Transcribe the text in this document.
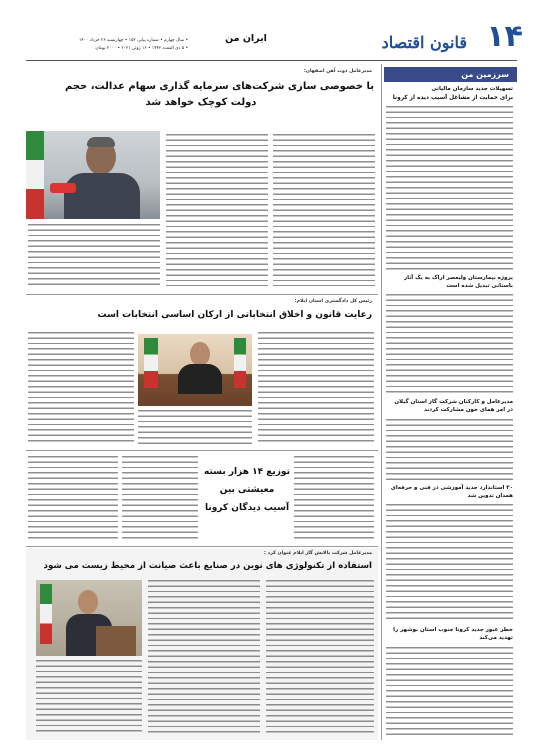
۱۴
قانون اقتصاد
ایران من
• سال چهارم • شماره پیاپی ۱۵۲ • چهارشنبه ۲۶ خرداد ۱۴۰۰
• ۵ ذی القعده ۱۴۴۲ • ۱۶ ژوئن ۲۰۲۱ • ۲۰۰۰ تومان
سرزمین من
تسهیلات جدید سازمان مالیاتی
برای حمایت از مشاغل آسیب دیده از کرونا
پروژه بیمارستان ولیعصر اراک به یک آثار باستانی تبدیل شده است
مدیرعامل و کارکنان شرکت گاز استان گیلان در امر همای خون مشارکت کردند
۳۰ استاندارد جدید آموزشی در فنی و حرفه‌ای همدان تدوین شد
خطر عبور جدید کرونا جنوب استان بوشهر را تهدید می‌کند
مدیرعامل ذوب آهن اصفهان:
با خصوصی سازی شرکت‌های سرمایه گذاری سهام عدالت، حجم
دولت کوچک خواهد شد
رئیس کل دادگستری استان ایلام:
رعایت قانون و اخلاق انتخاباتی از ارکان اساسی انتخابات است
توزیع ۱۴ هزار بسته
معیشتی بین
آسیب دیدگان کرونا
مدیرعامل شرکت پالایش گاز ایلام عنوان کرد :
استفاده از تکنولوژی های نوین در صنایع باعث صیانت از محیط زیست می شود
